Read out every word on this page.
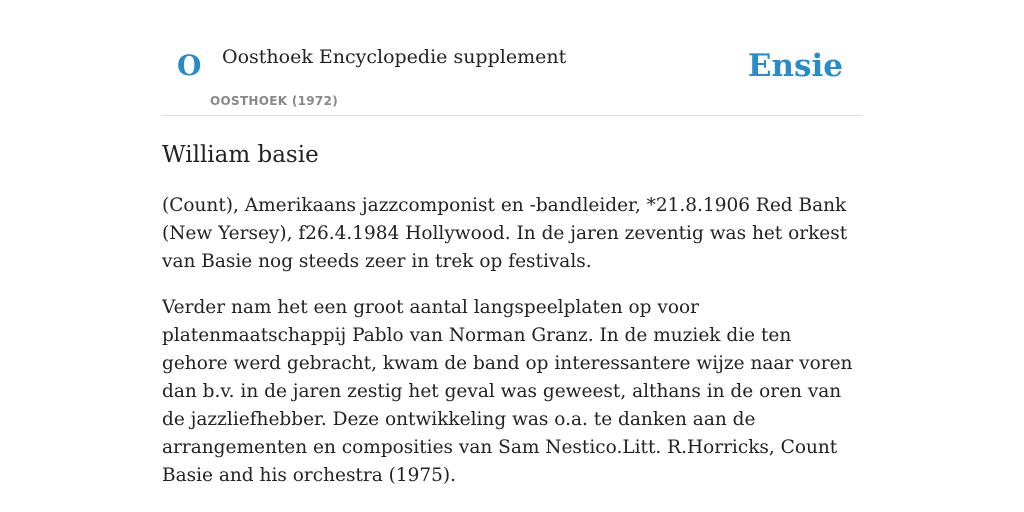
O Oosthoek Encyclopedie supplement
OOSTHOEK (1972)
Ensie
William basie

(Count), Amerikaans jazzcomponist en -bandleider, *21.8.1906 Red Bank (New Yersey), f26.4.1984 Hollywood. In de jaren zeventig was het orkest van Basie nog steeds zeer in trek op festivals.

Verder nam het een groot aantal langspeelplaten op voor platenmaatschappij Pablo van Norman Granz. In de muziek die ten gehore werd gebracht, kwam de band op interessantere wijze naar voren dan b.v. in de jaren zestig het geval was geweest, althans in de oren van de jazzliefhebber. Deze ontwikkeling was o.a. te danken aan de arrangementen en composities van Sam Nestico.Litt. R.Horricks, Count Basie and his orchestra (1975).
